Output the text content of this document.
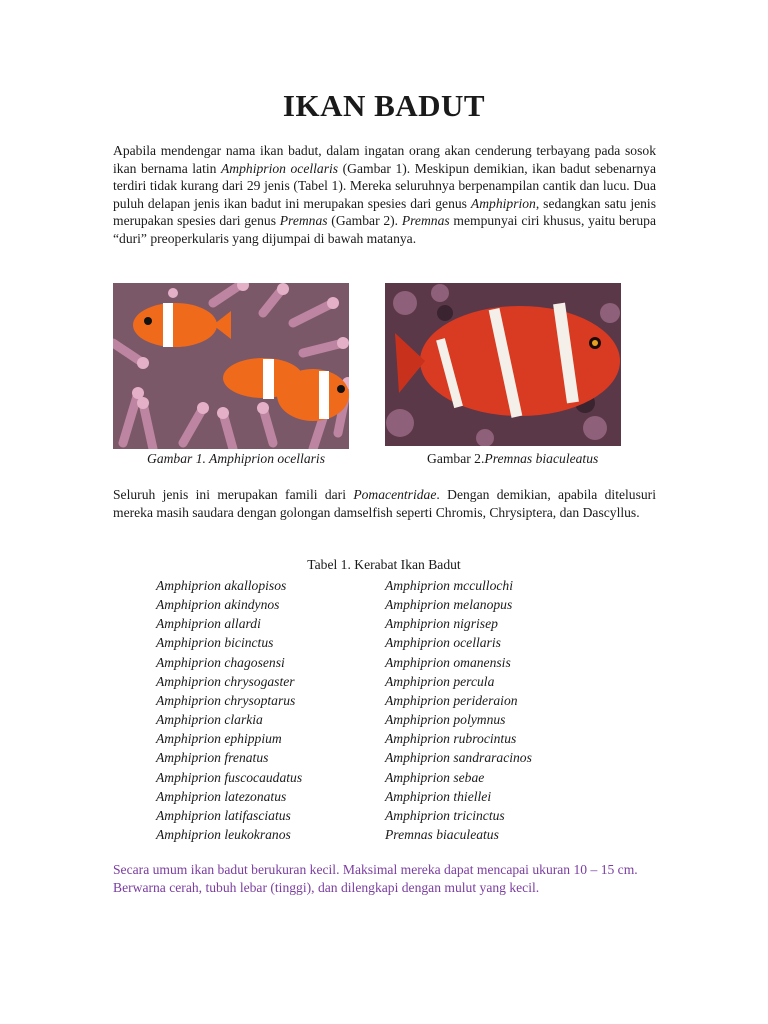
IKAN BADUT

Apabila mendengar nama ikan badut, dalam ingatan orang akan cenderung terbayang pada sosok ikan bernama latin Amphiprion ocellaris (Gambar 1). Meskipun demikian, ikan badut sebenarnya terdiri tidak kurang dari 29 jenis (Tabel 1). Mereka seluruhnya berpenampilan cantik dan lucu. Dua puluh delapan jenis ikan badut ini merupakan spesies dari genus Amphiprion, sedangkan satu jenis merupakan spesies dari genus Premnas (Gambar 2). Premnas mempunyai ciri khusus, yaitu berupa “duri” preoperkularis yang dijumpai di bawah matanya.

Gambar 1. Amphiprion ocellaris	Gambar 2.Premnas biaculeatus

Seluruh jenis ini merupakan famili dari Pomacentridae. Dengan demikian, apabila ditelusuri mereka masih saudara dengan golongan damselfish seperti Chromis, Chrysiptera, dan Dascyllus.

Tabel 1. Kerabat Ikan Badut

Amphiprion akallopisos
Amphiprion akindynos
Amphiprion allardi
Amphiprion bicinctus
Amphiprion chagosensi
Amphiprion chrysogaster
Amphiprion chrysoptarus
Amphiprion clarkia
Amphiprion ephippium
Amphiprion frenatus
Amphiprion fuscocaudatus
Amphiprion latezonatus
Amphiprion latifasciatus
Amphiprion leukokranos
Amphiprion mccullochi
Amphiprion melanopus
Amphiprion nigrisep
Amphiprion ocellaris
Amphiprion omanensis
Amphiprion percula
Amphiprion perideraion
Amphiprion polymnus
Amphiprion rubrocintus
Amphiprion sandraracinos
Amphiprion sebae
Amphiprion thiellei
Amphiprion tricinctus
Premnas biaculeatus

Secara umum ikan badut berukuran kecil. Maksimal mereka dapat mencapai ukuran 10 – 15 cm. Berwarna cerah, tubuh lebar (tinggi), dan dilengkapi dengan mulut yang kecil.
